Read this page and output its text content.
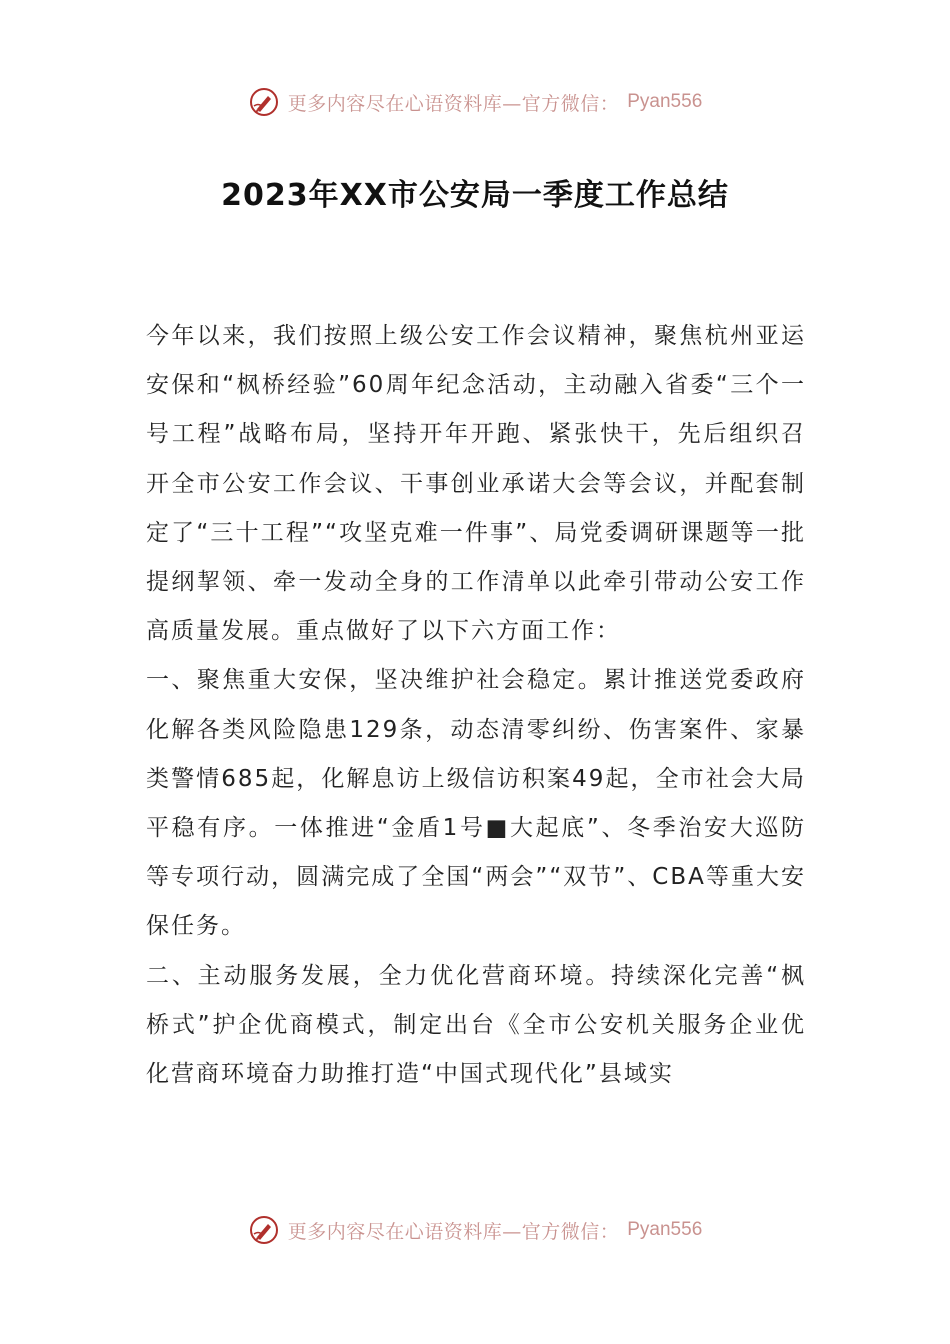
更多内容尽在心语资料库—官方微信： Pyan556
2023年XX市公安局一季度工作总结

今年以来，我们按照上级公安工作会议精神，聚焦杭州亚运安保和“枫桥经验”60周年纪念活动，主动融入省委“三个一号工程”战略布局，坚持开年开跑、紧张快干，先后组织召开全市公安工作会议、干事创业承诺大会等会议，并配套制定了“三十工程”“攻坚克难一件事”、局党委调研课题等一批提纲挈领、牵一发动全身的工作清单以此牵引带动公安工作高质量发展。重点做好了以下六方面工作：

一、聚焦重大安保，坚决维护社会稳定。累计推送党委政府化解各类风险隐患129条，动态清零纠纷、伤害案件、家暴类警情685起，化解息访上级信访积案49起，全市社会大局平稳有序。一体推进“金盾1号■大起底”、冬季治安大巡防等专项行动，圆满完成了全国“两会”“双节”、CBA等重大安保任务。

二、主动服务发展，全力优化营商环境。持续深化完善“枫桥式”护企优商模式，制定出台《全市公安机关服务企业优化营商环境奋力助推打造“中国式现代化”县域实

更多内容尽在心语资料库—官方微信： Pyan556
